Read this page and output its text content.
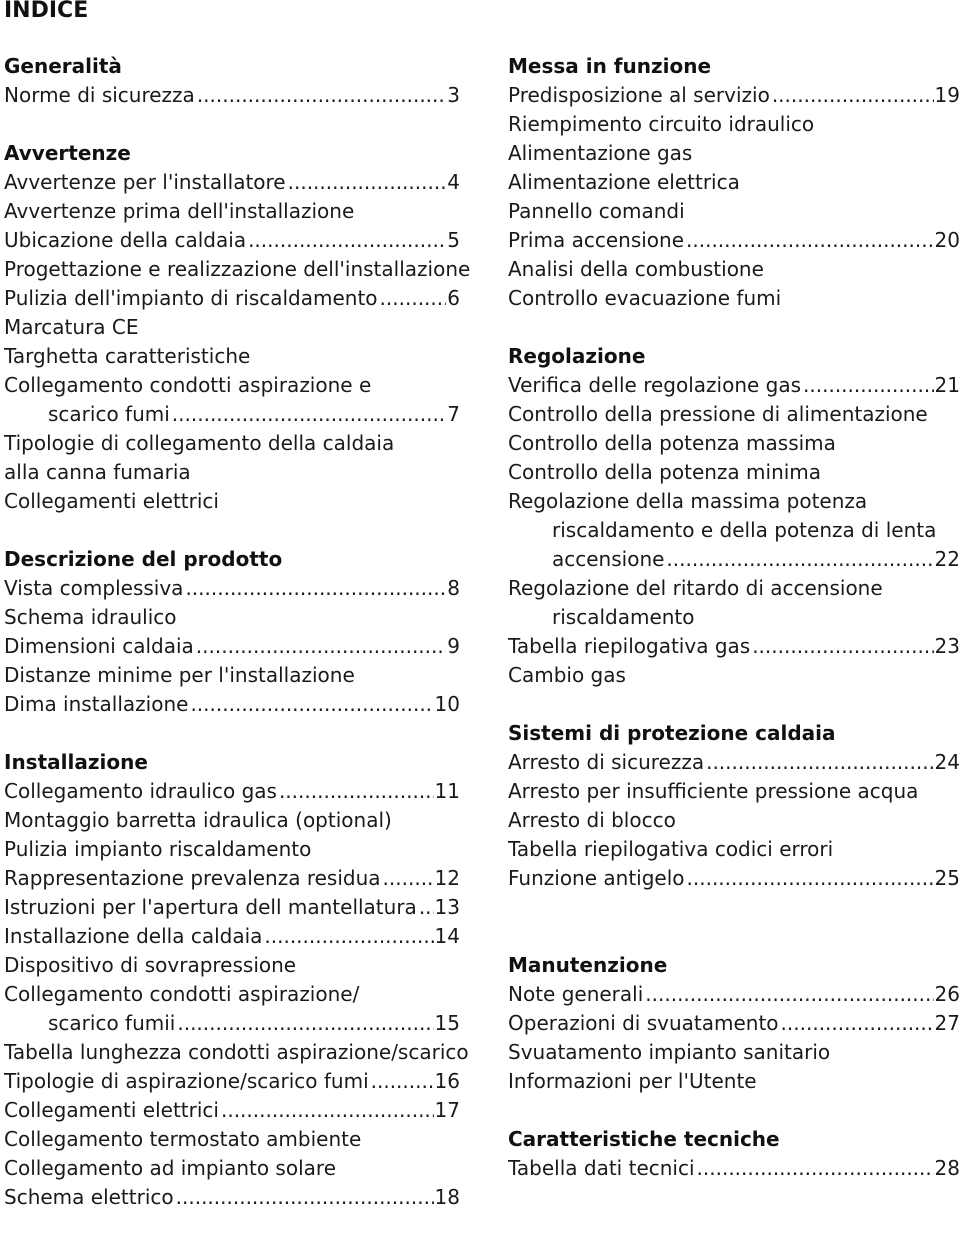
INDICE
Generalità
Norme di sicurezza .....	3
Avvertenze
Avvertenze per l'installatore .....	4
Avvertenze prima dell'installazione
Ubicazione della caldaia .....	5
Progettazione e realizzazione dell'installazione
Pulizia dell'impianto di riscaldamento .....	6
Marcatura CE
Targhetta caratteristiche
Collegamento condotti aspirazione e
scarico fumi .....	7
Tipologie di collegamento della caldaia
alla canna fumaria
Collegamenti elettrici
Descrizione del prodotto
Vista complessiva .....	8
Schema idraulico
Dimensioni caldaia .....	9
Distanze minime per l'installazione
Dima installazione .....	10
Installazione
Collegamento idraulico gas .....	11
Montaggio barretta idraulica (optional)
Pulizia impianto riscaldamento
Rappresentazione prevalenza residua .....	12
Istruzioni per l'apertura dell mantellatura ..... 13
Installazione della caldaia .....	14
Dispositivo di sovrapressione
Collegamento condotti aspirazione/
scarico fumii .....	15
Tabella lunghezza condotti aspirazione/scarico
Tipologie di aspirazione/scarico fumi .....	16
Collegamenti elettrici .....	17
Collegamento termostato ambiente
Collegamento ad impianto solare
Schema elettrico .....	18
Messa in funzione
Predisposizione al servizio .....	19
Riempimento circuito idraulico
Alimentazione gas
Alimentazione elettrica
Pannello comandi
Prima accensione .....	20
Analisi della combustione
Controllo evacuazione fumi
Regolazione
Verifica delle regolazione gas .....	21
Controllo della pressione di alimentazione
Controllo della potenza massima
Controllo della potenza minima
Regolazione della massima potenza
riscaldamento e della potenza di lenta
accensione .....	22
Regolazione del ritardo di accensione
riscaldamento
Tabella riepilogativa gas .....	23
Cambio gas
Sistemi di protezione caldaia
Arresto di sicurezza .....	24
Arresto per insufficiente pressione acqua
Arresto di blocco
Tabella riepilogativa codici errori
Funzione antigelo .....	25
Manutenzione
Note generali .....	26
Operazioni di svuatamento .....	27
Svuatamento impianto sanitario
Informazioni per l'Utente
Caratteristiche tecniche
Tabella dati tecnici .....	28
